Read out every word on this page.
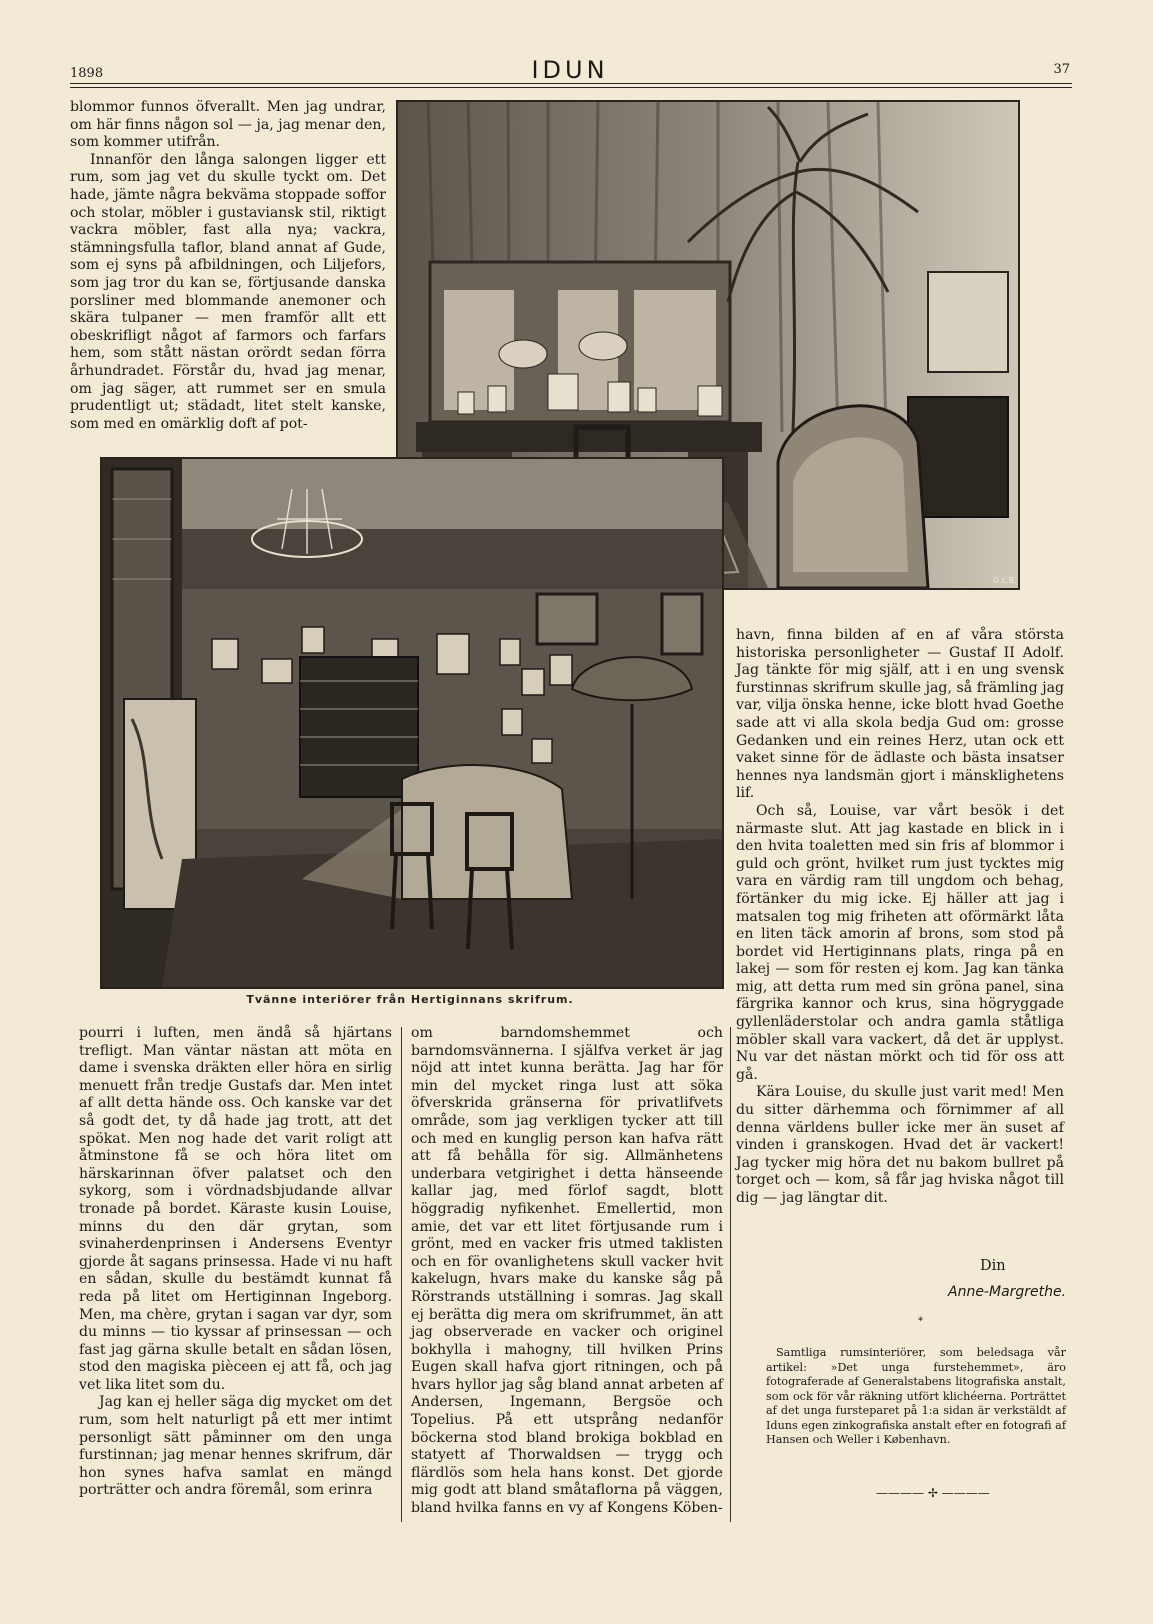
1898	IDUN	37

blommor funnos öfverallt. Men jag undrar, om här finns någon sol — ja, jag menar den, som kommer utifrån.

Innanför den långa salongen ligger ett rum, som jag vet du skulle tyckt om. Det hade, jämte några bekväma stoppade soffor och stolar, möbler i gustaviansk stil, riktigt vackra möbler, fast alla nya; vackra, stämningsfulla taflor, bland annat af Gude, som ej syns på afbildningen, och Liljefors, som jag tror du kan se, förtjusande danska porsliner med blommande anemoner och skära tulpaner — men framför allt ett obeskrifligt något af farmors och farfars hem, som stått nästan orördt sedan förra århundradet. Förstår du, hvad jag menar, om jag säger, att rummet ser en smula prudentligt ut; städadt, litet stelt kanske, som med en omärklig doft af pot-

G.L.B.
Tvänne interiörer från Hertiginnans skrifrum.

havn, finna bilden af en af våra största historiska personligheter — Gustaf II Adolf. Jag tänkte för mig själf, att i en ung svensk furstinnas skrifrum skulle jag, så främling jag var, vilja önska henne, icke blott hvad Goethe sade att vi alla skola bedja Gud om: grosse Gedanken und ein reines Herz, utan ock ett vaket sinne för de ädlaste och bästa insatser hennes nya landsmän gjort i mänsklighetens lif.

Och så, Louise, var vårt besök i det närmaste slut. Att jag kastade en blick in i den hvita toaletten med sin fris af blommor i guld och grönt, hvilket rum just tycktes mig vara en värdig ram till ungdom och behag, förtänker du mig icke. Ej häller att jag i matsalen tog mig friheten att oförmärkt låta en liten täck amorin af brons, som stod på bordet vid Hertiginnans plats, ringa på en lakej — som för resten ej kom. Jag kan tänka mig, att detta rum med sin gröna panel, sina färgrika kannor och krus, sina högryggade gyllenläderstolar och andra gamla ståtliga möbler skall vara vackert, då det är upplyst. Nu var det nästan mörkt och tid för oss att gå.

Kära Louise, du skulle just varit med! Men du sitter därhemma och förnimmer af all denna världens buller icke mer än suset af vinden i granskogen. Hvad det är vackert! Jag tycker mig höra det nu bakom bullret på torget och — kom, så får jag hviska något till dig — jag längtar dit.

pourri i luften, men ändå så hjärtans trefligt. Man väntar nästan att möta en dame i svenska dräkten eller höra en sirlig menuett från tredje Gustafs dar. Men intet af allt detta hände oss. Och kanske var det så godt det, ty då hade jag trott, att det spökat. Men nog hade det varit roligt att åtminstone få se och höra litet om härskarinnan öfver palatset och den sykorg, som i vördnadsbjudande allvar tronade på bordet. Käraste kusin Louise, minns du den där grytan, som svinaherdenprinsen i Andersens Eventyr gjorde åt sagans prinsessa. Hade vi nu haft en sådan, skulle du bestämdt kunnat få reda på litet om Hertiginnan Ingeborg. Men, ma chère, grytan i sagan var dyr, som du minns — tio kyssar af prinsessan — och fast jag gärna skulle betalt en sådan lösen, stod den magiska pièceen ej att få, och jag vet lika litet som du.

Jag kan ej heller säga dig mycket om det rum, som helt naturligt på ett mer intimt personligt sätt påminner om den unga furstinnan; jag menar hennes skrifrum, där hon synes hafva samlat en mängd porträtter och andra föremål, som erinra

om barndomshemmet och barndomsvännerna. I själfva verket är jag nöjd att intet kunna berätta. Jag har för min del mycket ringa lust att söka öfverskrida gränserna för privatlifvets område, som jag verkligen tycker att till och med en kunglig person kan hafva rätt att få behålla för sig. Allmänhetens underbara vetgirighet i detta hänseende kallar jag, med förlof sagdt, blott höggradig nyfikenhet. Emellertid, mon amie, det var ett litet förtjusande rum i grönt, med en vacker fris utmed taklisten och en för ovanlighetens skull vacker hvit kakelugn, hvars make du kanske såg på Rörstrands utställning i somras. Jag skall ej berätta dig mera om skrifrummet, än att jag observerade en vacker och originel bokhylla i mahogny, till hvilken Prins Eugen skall hafva gjort ritningen, och på hvars hyllor jag såg bland annat arbeten af Andersen, Ingemann, Bergsöe och Topelius. På ett utsprång nedanför böckerna stod bland brokiga bokblad en statyett af Thorwaldsen — trygg och flärdlös som hela hans konst. Det gjorde mig godt att bland småtaflorna på väggen, bland hvilka fanns en vy af Kongens Köben-

Din
Anne-Margrethe.
*

Samtliga rumsinteriörer, som beledsaga vår artikel: »Det unga furstehemmet», äro fotograferade af Generalstabens litografiska anstalt, som ock för vår räkning utfört klichéerna. Porträttet af det unga fursteparet på 1:a sidan är verkstäldt af Iduns egen zinkografiska anstalt efter en fotografi af Hansen och Weller i København.

———— ✢ ————
